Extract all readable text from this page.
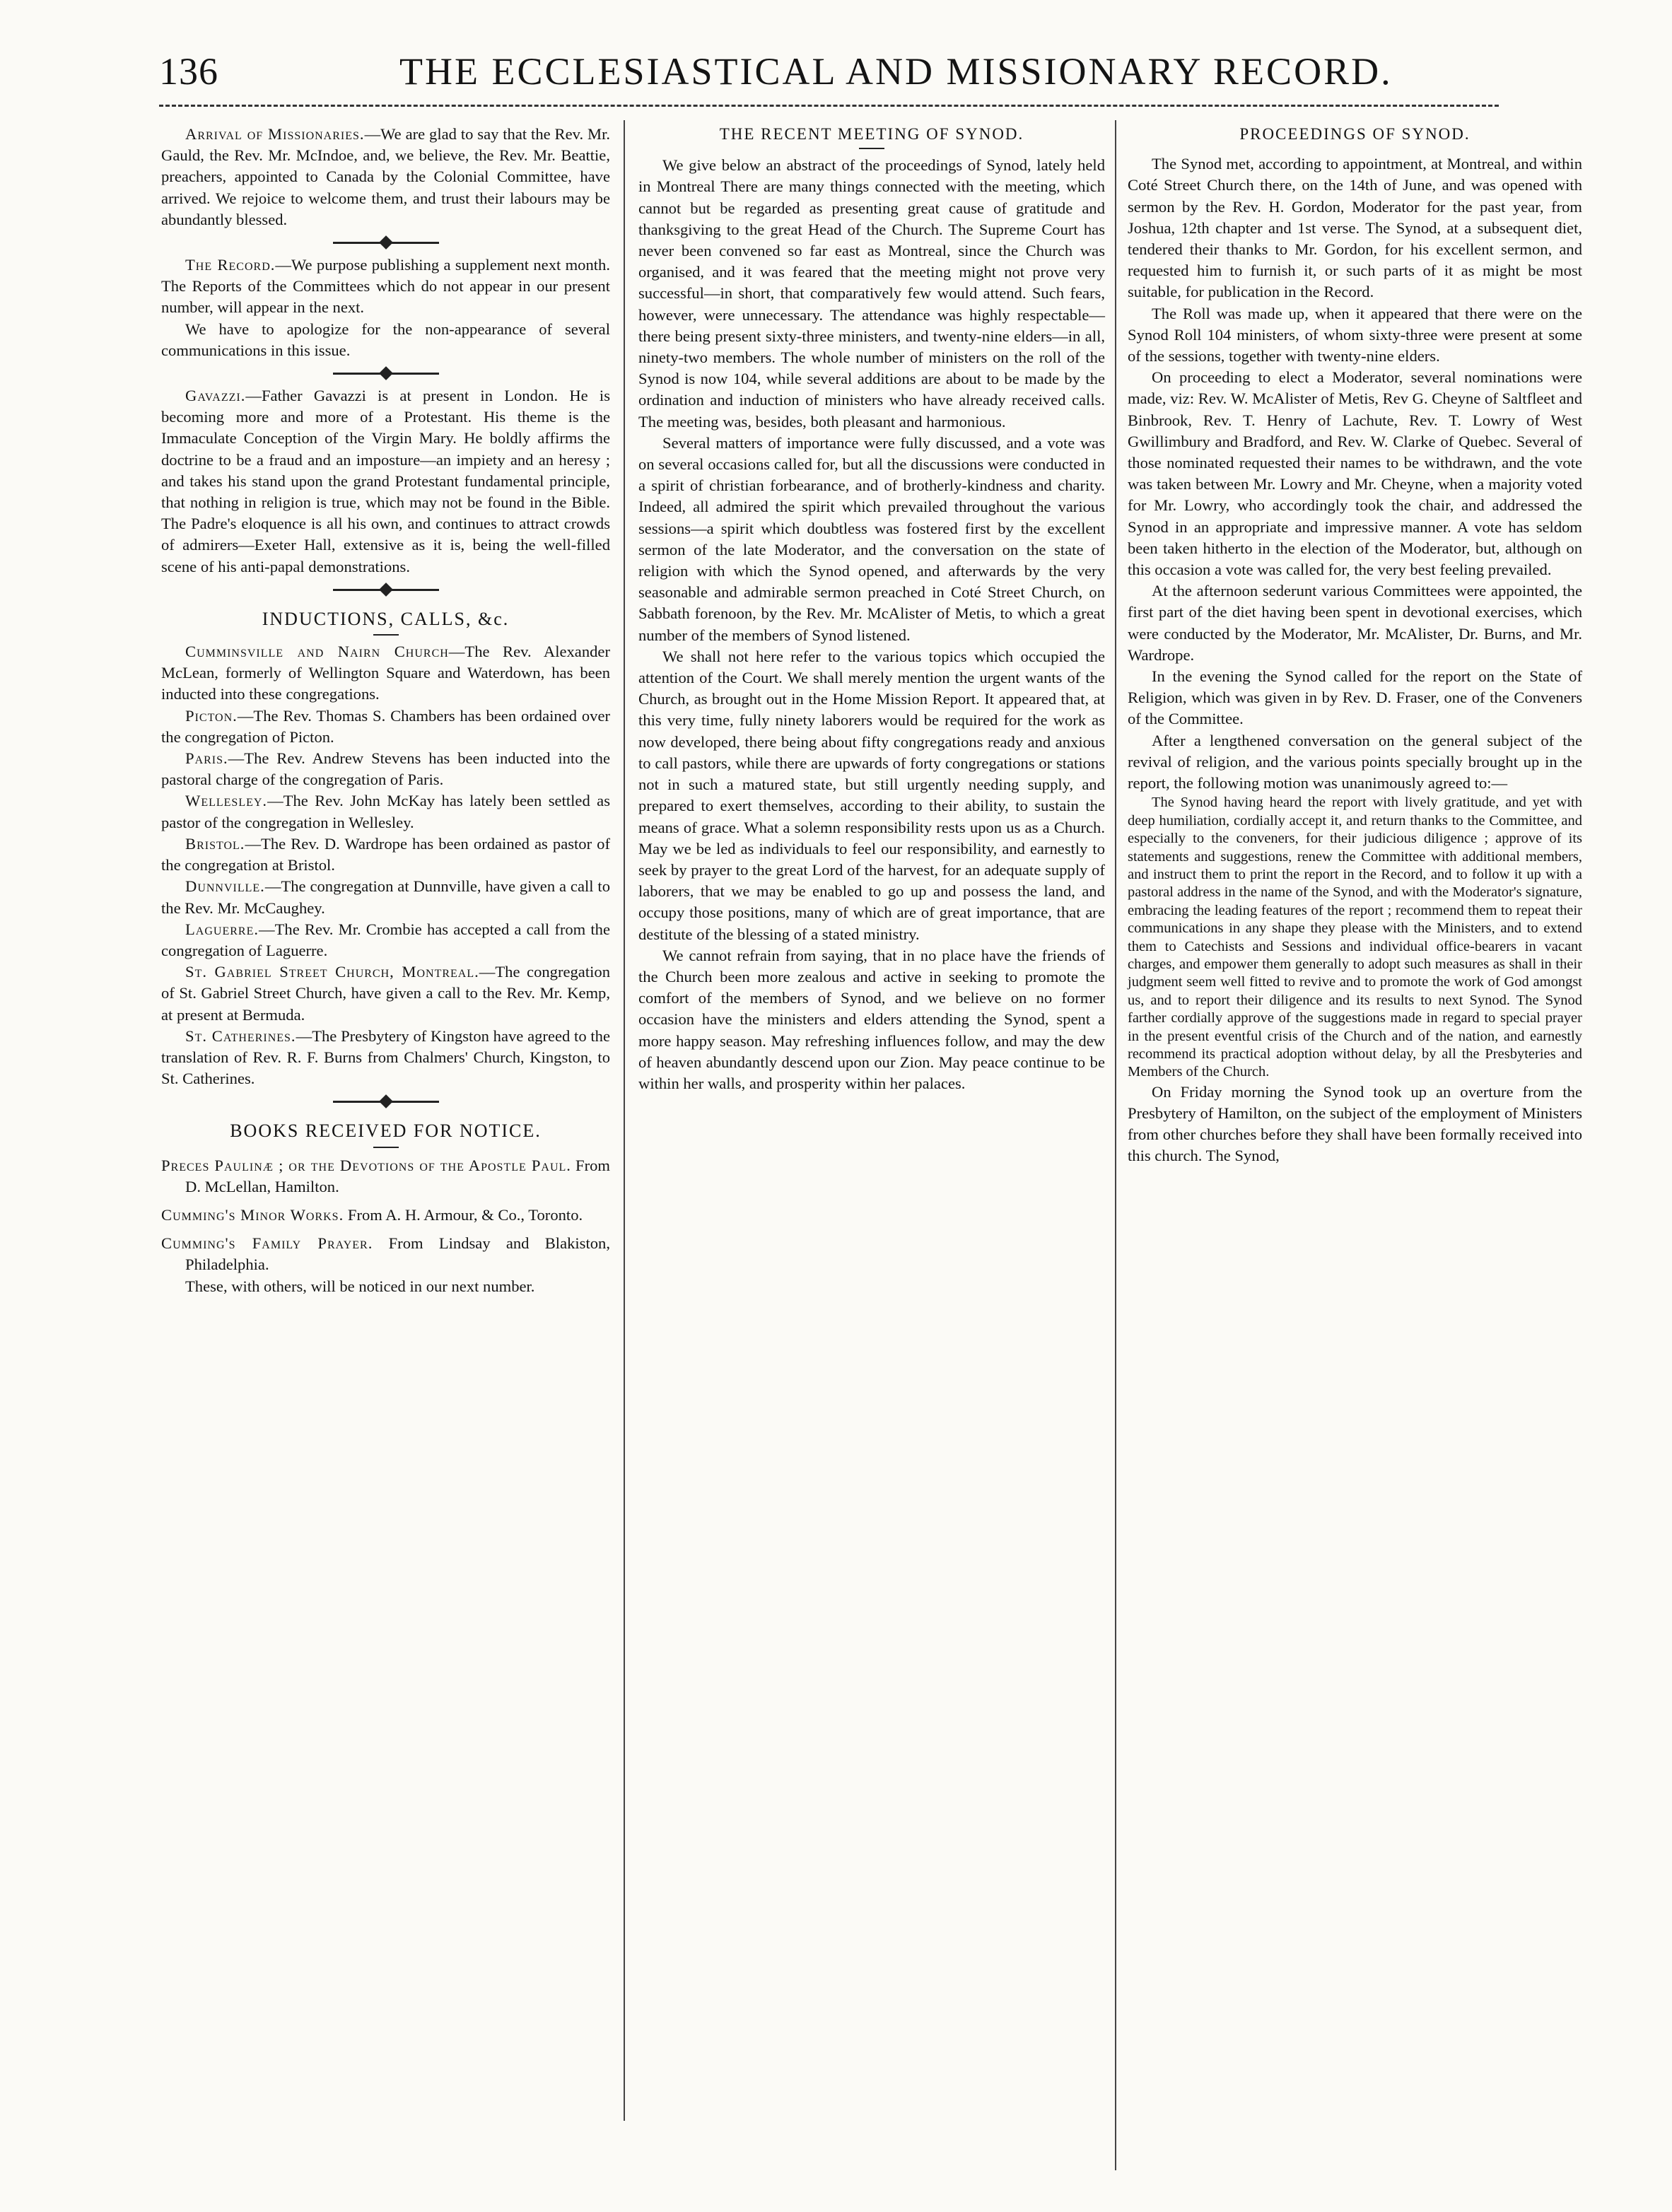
136	THE ECCLESIASTICAL AND MISSIONARY RECORD.

Arrival of Missionaries.—We are glad to say that the Rev. Mr. Gauld, the Rev. Mr. McIndoe, and, we believe, the Rev. Mr. Beattie, preachers, appointed to Canada by the Colonial Committee, have arrived. We rejoice to welcome them, and trust their labours may be abundantly blessed.

The Record.—We purpose publishing a supplement next month. The Reports of the Committees which do not appear in our present number, will appear in the next.

We have to apologize for the non-appearance of several communications in this issue.

Gavazzi.—Father Gavazzi is at present in London. He is becoming more and more of a Protestant. His theme is the Immaculate Conception of the Virgin Mary. He boldly affirms the doctrine to be a fraud and an imposture—an impiety and an heresy ; and takes his stand upon the grand Protestant fundamental principle, that nothing in religion is true, which may not be found in the Bible. The Padre's eloquence is all his own, and continues to attract crowds of admirers—Exeter Hall, extensive as it is, being the well-filled scene of his anti-papal demonstrations.

INDUCTIONS, CALLS, &c.

Cumminsville and Nairn Church—The Rev. Alexander McLean, formerly of Wellington Square and Waterdown, has been inducted into these congregations.

Picton.—The Rev. Thomas S. Chambers has been ordained over the congregation of Picton.

Paris.—The Rev. Andrew Stevens has been inducted into the pastoral charge of the congregation of Paris.

Wellesley.—The Rev. John McKay has lately been settled as pastor of the congregation in Wellesley.

Bristol.—The Rev. D. Wardrope has been ordained as pastor of the congregation at Bristol.

Dunnville.—The congregation at Dunnville, have given a call to the Rev. Mr. McCaughey.

Laguerre.—The Rev. Mr. Crombie has accepted a call from the congregation of Laguerre.

St. Gabriel Street Church, Montreal.—The congregation of St. Gabriel Street Church, have given a call to the Rev. Mr. Kemp, at present at Bermuda.

St. Catherines.—The Presbytery of Kingston have agreed to the translation of Rev. R. F. Burns from Chalmers' Church, Kingston, to St. Catherines.

BOOKS RECEIVED FOR NOTICE.

Preces Paulinæ ; or the Devotions of the Apostle Paul. From D. McLellan, Hamilton.

Cumming's Minor Works. From A. H. Armour, & Co., Toronto.

Cumming's Family Prayer. From Lindsay and Blakiston, Philadelphia.

These, with others, will be noticed in our next number.

THE RECENT MEETING OF SYNOD.

We give below an abstract of the proceedings of Synod, lately held in Montreal There are many things connected with the meeting, which cannot but be regarded as presenting great cause of gratitude and thanksgiving to the great Head of the Church. The Supreme Court has never been convened so far east as Montreal, since the Church was organised, and it was feared that the meeting might not prove very successful—in short, that comparatively few would attend. Such fears, however, were unnecessary. The attendance was highly respectable—there being present sixty-three ministers, and twenty-nine elders—in all, ninety-two members. The whole number of ministers on the roll of the Synod is now 104, while several additions are about to be made by the ordination and induction of ministers who have already received calls. The meeting was, besides, both pleasant and harmonious.

Several matters of importance were fully discussed, and a vote was on several occasions called for, but all the discussions were conducted in a spirit of christian forbearance, and of brotherly-kindness and charity. Indeed, all admired the spirit which prevailed throughout the various sessions—a spirit which doubtless was fostered first by the excellent sermon of the late Moderator, and the conversation on the state of religion with which the Synod opened, and afterwards by the very seasonable and admirable sermon preached in Coté Street Church, on Sabbath forenoon, by the Rev. Mr. McAlister of Metis, to which a great number of the members of Synod listened.

We shall not here refer to the various topics which occupied the attention of the Court. We shall merely mention the urgent wants of the Church, as brought out in the Home Mission Report. It appeared that, at this very time, fully ninety laborers would be required for the work as now developed, there being about fifty congregations ready and anxious to call pastors, while there are upwards of forty congregations or stations not in such a matured state, but still urgently needing supply, and prepared to exert themselves, according to their ability, to sustain the means of grace. What a solemn responsibility rests upon us as a Church. May we be led as individuals to feel our responsibility, and earnestly to seek by prayer to the great Lord of the harvest, for an adequate supply of laborers, that we may be enabled to go up and possess the land, and occupy those positions, many of which are of great importance, that are destitute of the blessing of a stated ministry.

We cannot refrain from saying, that in no place have the friends of the Church been more zealous and active in seeking to promote the comfort of the members of Synod, and we believe on no former occasion have the ministers and elders attending the Synod, spent a more happy season. May refreshing influences follow, and may the dew of heaven abundantly descend upon our Zion. May peace continue to be within her walls, and prosperity within her palaces.

PROCEEDINGS OF SYNOD.

The Synod met, according to appointment, at Montreal, and within Coté Street Church there, on the 14th of June, and was opened with sermon by the Rev. H. Gordon, Moderator for the past year, from Joshua, 12th chapter and 1st verse. The Synod, at a subsequent diet, tendered their thanks to Mr. Gordon, for his excellent sermon, and requested him to furnish it, or such parts of it as might be most suitable, for publication in the Record.

The Roll was made up, when it appeared that there were on the Synod Roll 104 ministers, of whom sixty-three were present at some of the sessions, together with twenty-nine elders.

On proceeding to elect a Moderator, several nominations were made, viz: Rev. W. McAlister of Metis, Rev G. Cheyne of Saltfleet and Binbrook, Rev. T. Henry of Lachute, Rev. T. Lowry of West Gwillimbury and Bradford, and Rev. W. Clarke of Quebec. Several of those nominated requested their names to be withdrawn, and the vote was taken between Mr. Lowry and Mr. Cheyne, when a majority voted for Mr. Lowry, who accordingly took the chair, and addressed the Synod in an appropriate and impressive manner. A vote has seldom been taken hitherto in the election of the Moderator, but, although on this occasion a vote was called for, the very best feeling prevailed.

At the afternoon sederunt various Committees were appointed, the first part of the diet having been spent in devotional exercises, which were conducted by the Moderator, Mr. McAlister, Dr. Burns, and Mr. Wardrope.

In the evening the Synod called for the report on the State of Religion, which was given in by Rev. D. Fraser, one of the Conveners of the Committee.

After a lengthened conversation on the general subject of the revival of religion, and the various points specially brought up in the report, the following motion was unanimously agreed to:—

The Synod having heard the report with lively gratitude, and yet with deep humiliation, cordially accept it, and return thanks to the Committee, and especially to the conveners, for their judicious diligence ; approve of its statements and suggestions, renew the Committee with additional members, and instruct them to print the report in the Record, and to follow it up with a pastoral address in the name of the Synod, and with the Moderator's signature, embracing the leading features of the report ; recommend them to repeat their communications in any shape they please with the Ministers, and to extend them to Catechists and Sessions and individual office-bearers in vacant charges, and empower them generally to adopt such measures as shall in their judgment seem well fitted to revive and to promote the work of God amongst us, and to report their diligence and its results to next Synod. The Synod farther cordially approve of the suggestions made in regard to special prayer in the present eventful crisis of the Church and of the nation, and earnestly recommend its practical adoption without delay, by all the Presbyteries and Members of the Church.

On Friday morning the Synod took up an overture from the Presbytery of Hamilton, on the subject of the employment of Ministers from other churches before they shall have been formally received into this church. The Synod,
